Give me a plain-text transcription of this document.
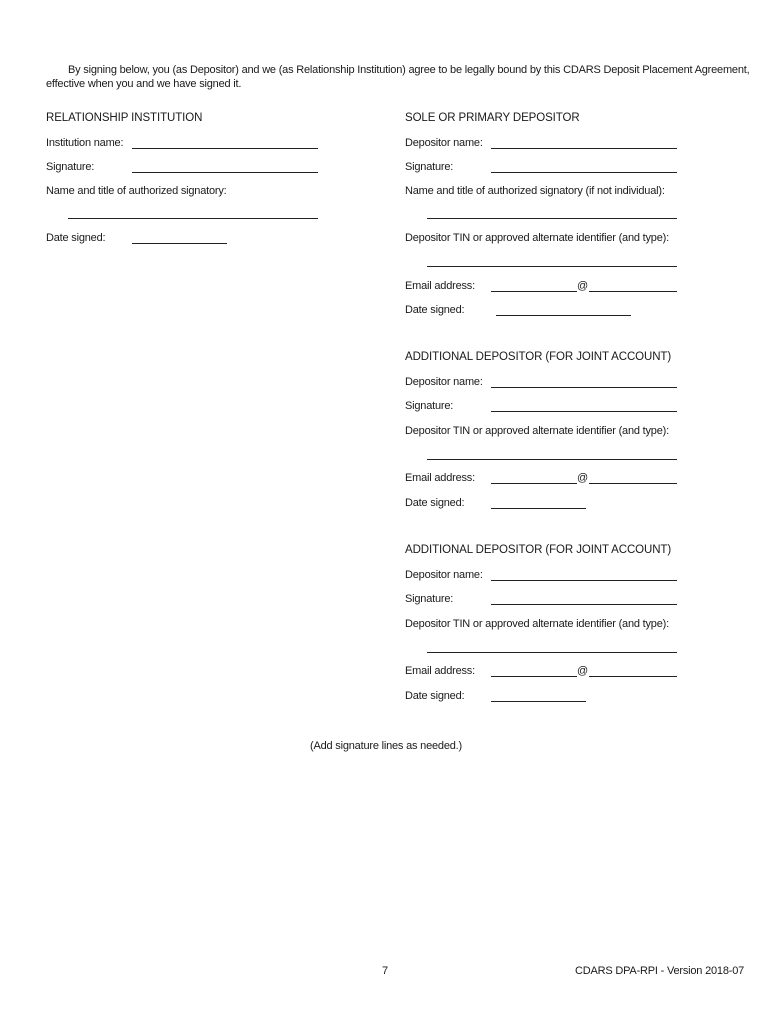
By signing below, you (as Depositor) and we (as Relationship Institution) agree to be legally bound by this CDARS Deposit Placement Agreement,
effective when you and we have signed it.
RELATIONSHIP INSTITUTION
Institution name:
Signature:
Name and title of authorized signatory:
Date signed:
SOLE OR PRIMARY DEPOSITOR
Depositor name:
Signature:
Name and title of authorized signatory (if not individual):
Depositor TIN or approved alternate identifier (and type):
Email address:	@
Date signed:
ADDITIONAL DEPOSITOR (FOR JOINT ACCOUNT)
Depositor name:
Signature:
Depositor TIN or approved alternate identifier (and type):
Email address:	@
Date signed:
ADDITIONAL DEPOSITOR (FOR JOINT ACCOUNT)
Depositor name:
Signature:
Depositor TIN or approved alternate identifier (and type):
Email address:	@
Date signed:
(Add signature lines as needed.)
7	CDARS DPA-RPI - Version 2018-07
